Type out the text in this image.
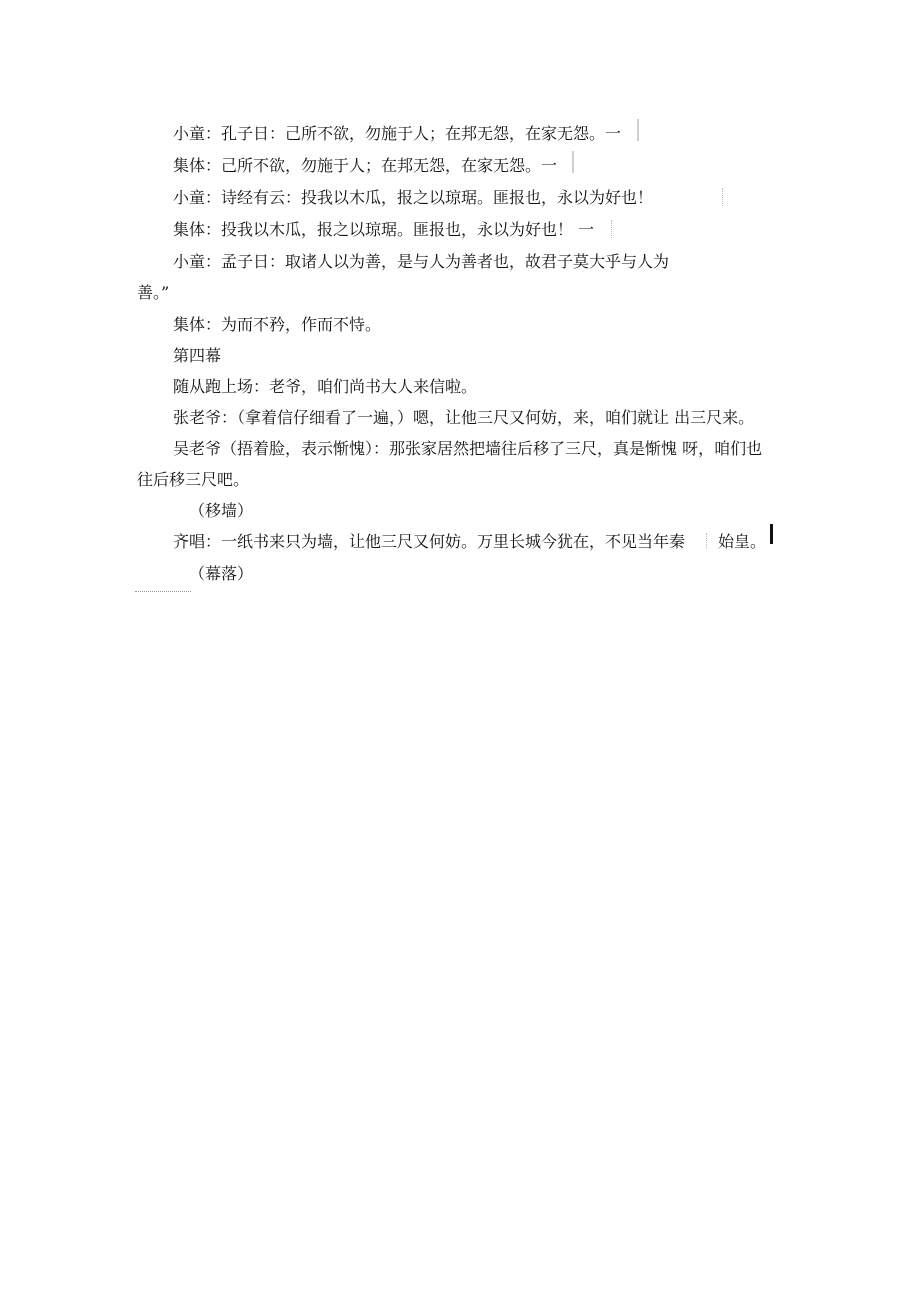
小童：孔子日：己所不欲，勿施于人；在邦无怨，在家无怨。一
集体：己所不欲，勿施于人；在邦无怨，在家无怨。一
小童：诗经有云：投我以木瓜，报之以琼琚。匪报也，永以为好也！
集体：投我以木瓜，报之以琼琚。匪报也，永以为好也！ 一
小童：孟子日：取诸人以为善，是与人为善者也，故君子莫大乎与人为
善。”
集体：为而不矜，作而不恃。
第四幕
随从跑上场：老爷，咱们尚书大人来信啦。
张老爷：（拿着信仔细看了一遍，）嗯，让他三尺又何妨，来，咱们就让 出三尺来。
吴老爷（捂着脸，表示惭愧）：那张家居然把墙往后移了三尺，真是惭愧 呀，咱们也
往后移三尺吧。
（移墙）
齐唱：一纸书来只为墙，让他三尺又何妨。万里长城今犹在，不见当年秦 始皇。
（幕落）
